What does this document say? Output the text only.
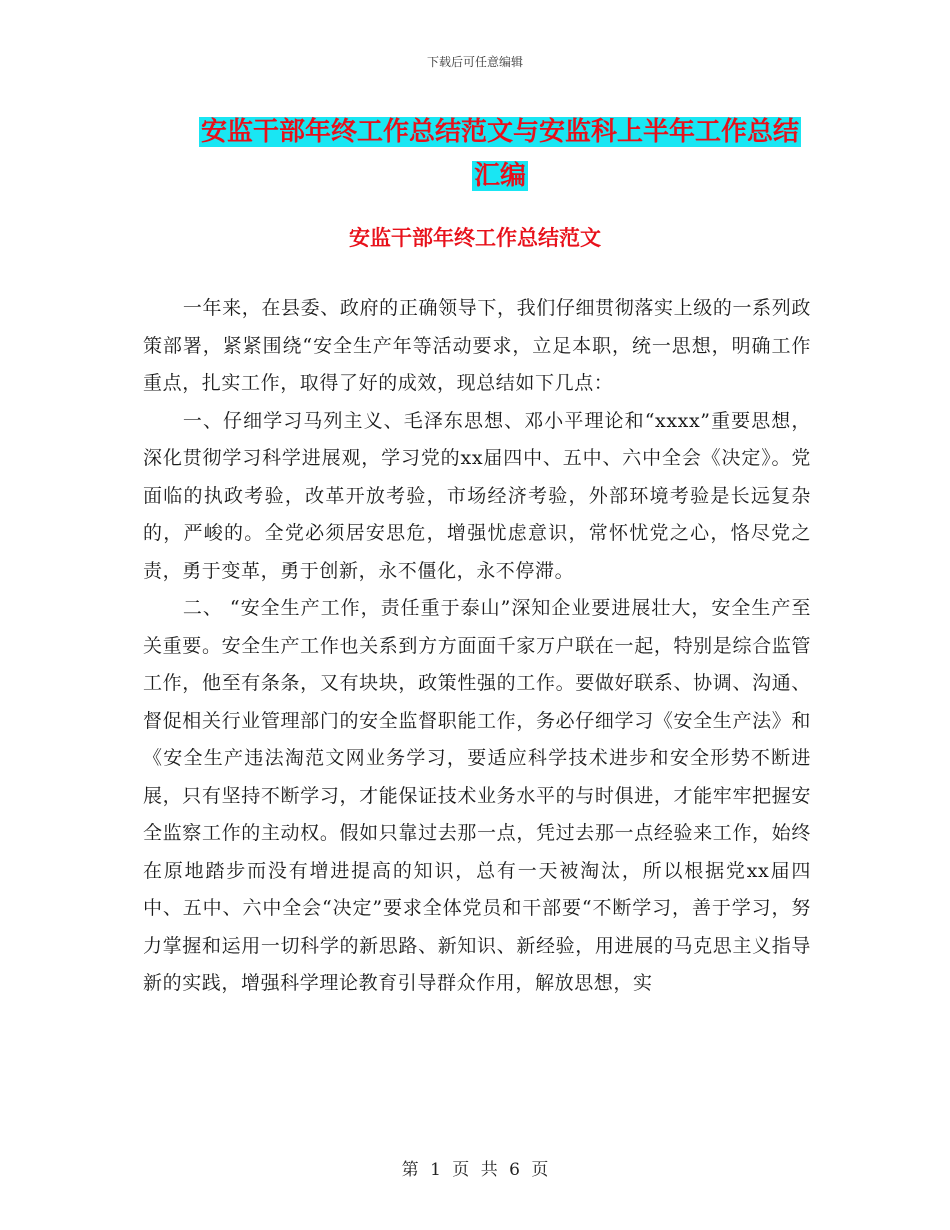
下载后可任意编辑
安监干部年终工作总结范文与安监科上半年工作总结
汇编
安监干部年终工作总结范文

一年来，在县委、政府的正确领导下，我们仔细贯彻落实上级的一系列政策部署，紧紧围绕“安全生产年等活动要求，立足本职，统一思想，明确工作重点，扎实工作，取得了好的成效，现总结如下几点：

一、仔细学习马列主义、毛泽东思想、邓小平理论和“xxxx”重要思想，深化贯彻学习科学进展观，学习党的xx届四中、五中、六中全会《决定》。党面临的执政考验，改革开放考验，市场经济考验，外部环境考验是长远复杂的，严峻的。全党必须居安思危，增强忧虑意识，常怀忧党之心，恪尽党之责，勇于变革，勇于创新，永不僵化，永不停滞。

二、 “安全生产工作，责任重于泰山”深知企业要进展壮大，安全生产至关重要。安全生产工作也关系到方方面面千家万户联在一起，特别是综合监管工作，他至有条条，又有块块，政策性强的工作。要做好联系、协调、沟通、督促相关行业管理部门的安全监督职能工作，务必仔细学习《安全生产法》和《安全生产违法淘范文网业务学习，要适应科学技术进步和安全形势不断进展，只有坚持不断学习，才能保证技术业务水平的与时俱进，才能牢牢把握安全监察工作的主动权。假如只靠过去那一点，凭过去那一点经验来工作，始终在原地踏步而没有增进提高的知识，总有一天被淘汰，所以根据党xx届四中、五中、六中全会“决定”要求全体党员和干部要“不断学习，善于学习，努力掌握和运用一切科学的新思路、新知识、新经验，用进展的马克思主义指导新的实践，增强科学理论教育引导群众作用，解放思想，实

第 1 页 共 6 页
